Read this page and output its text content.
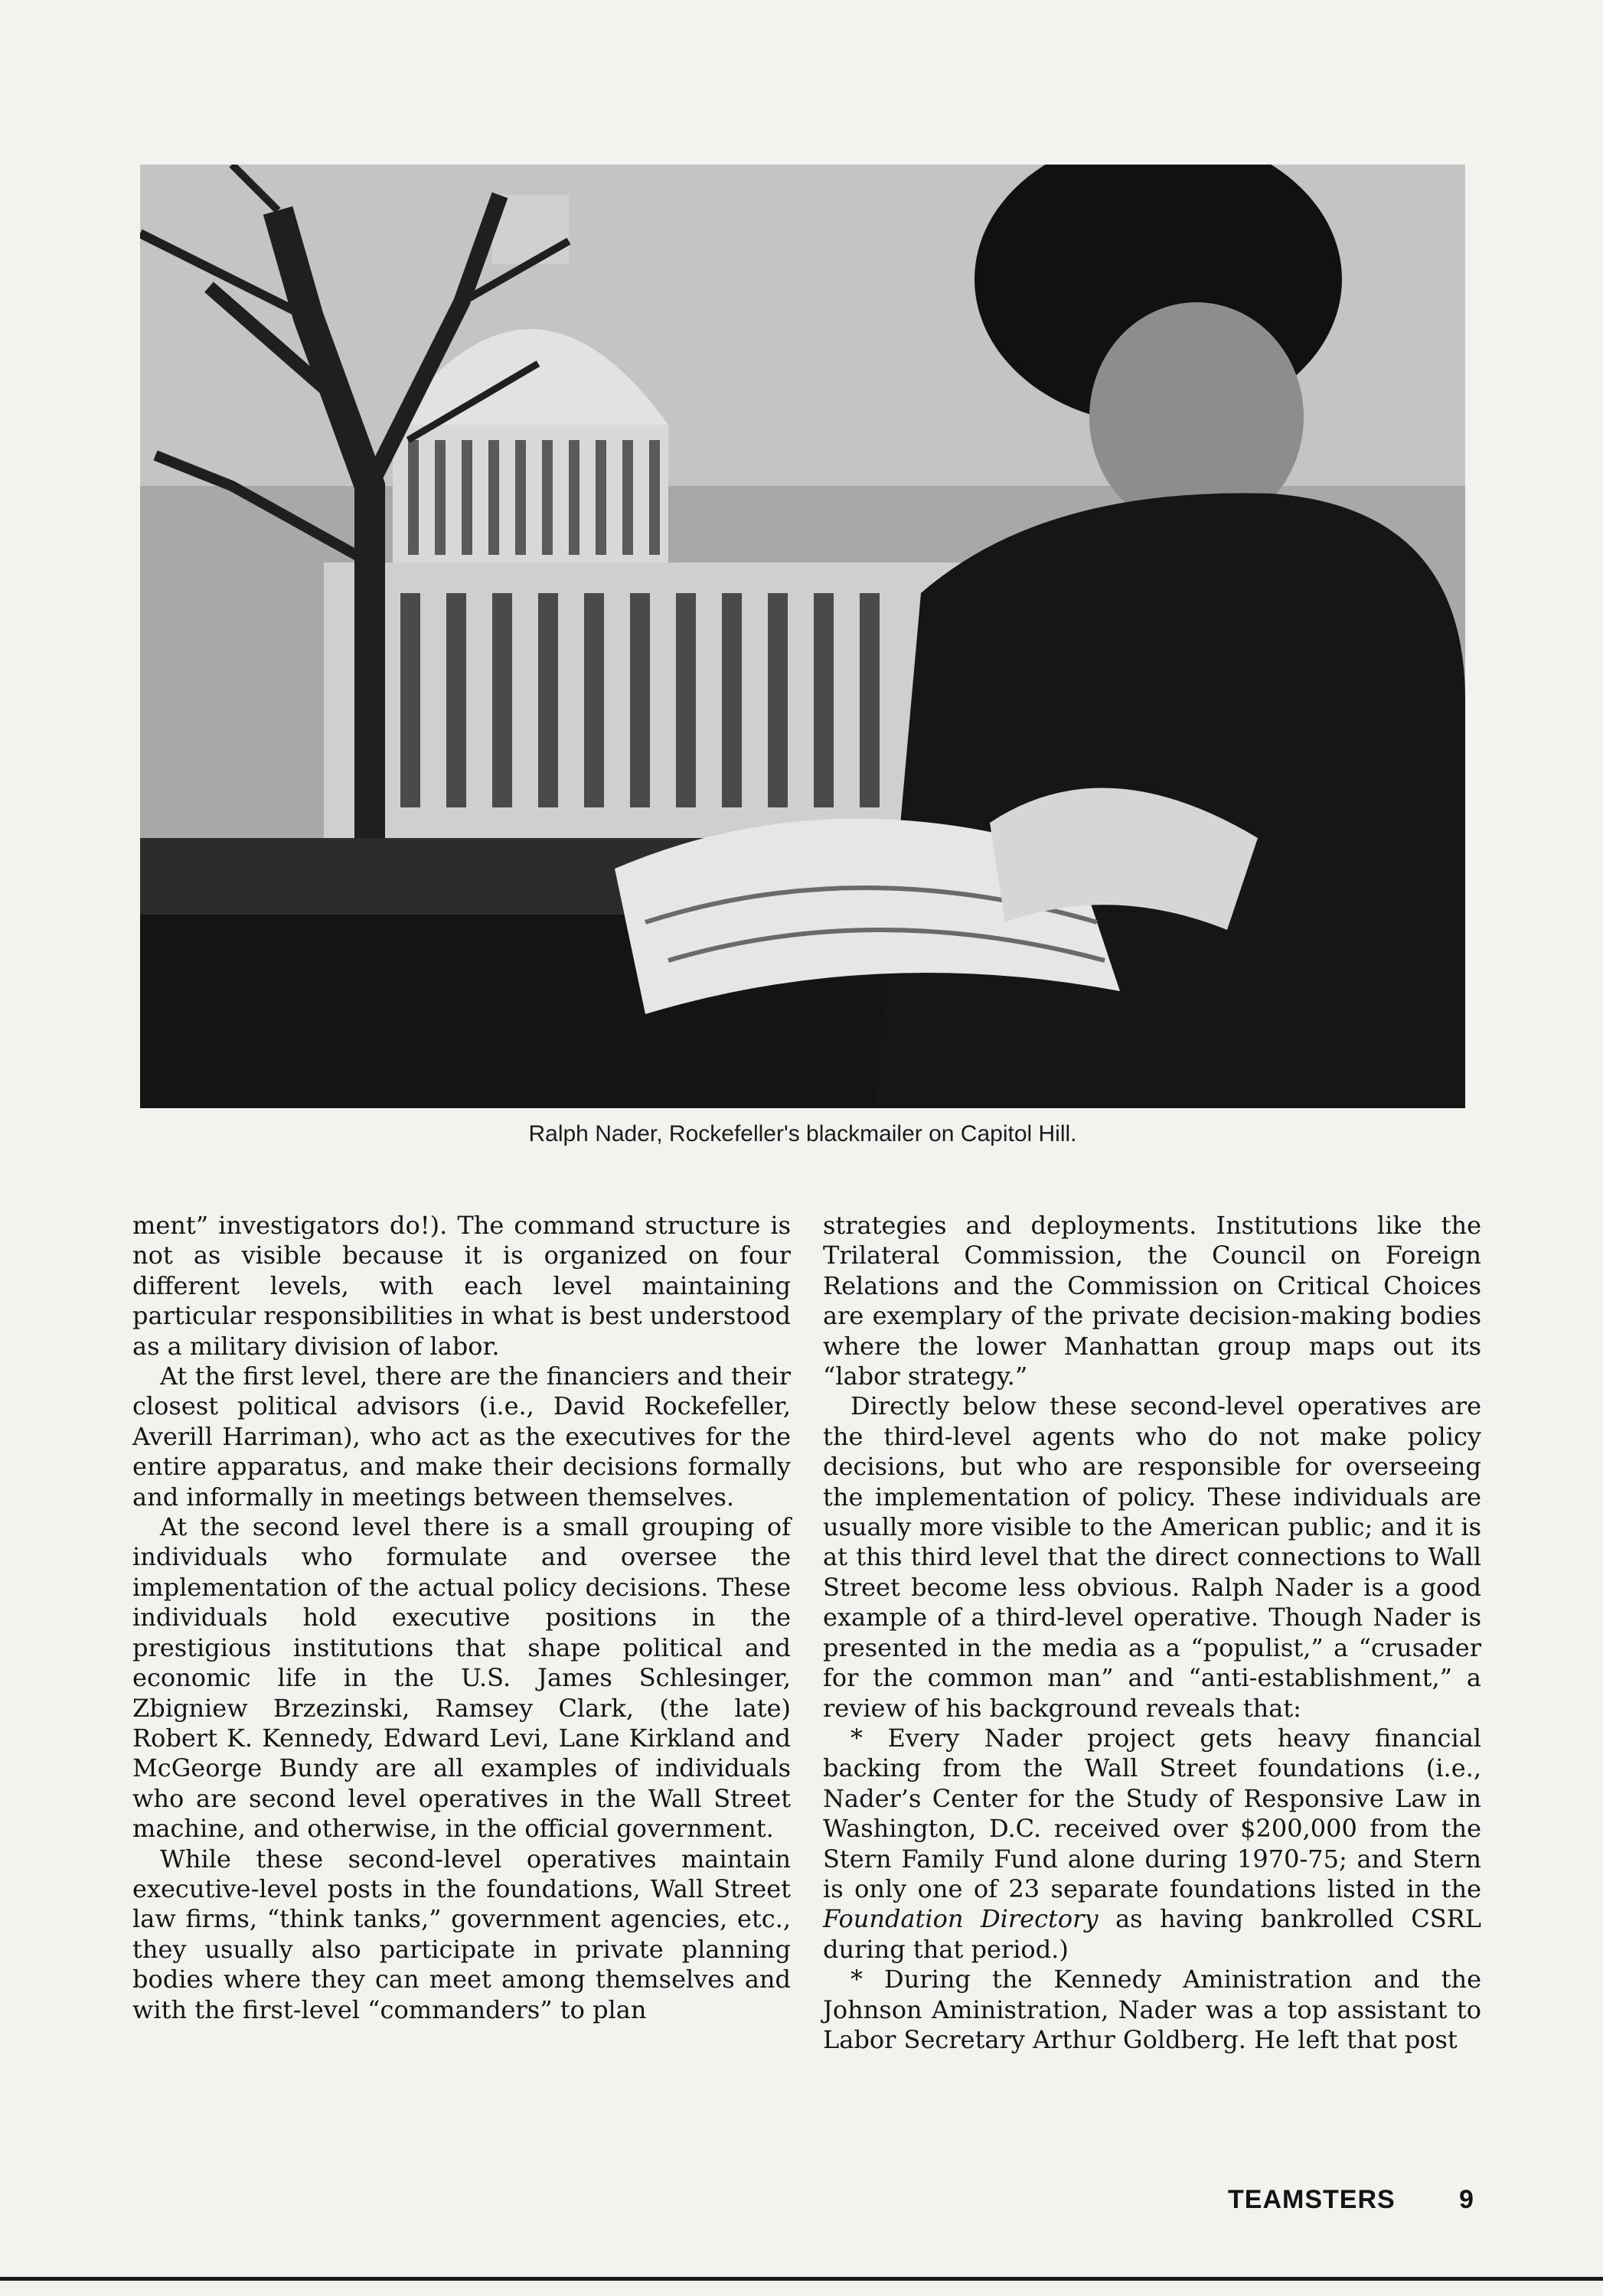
Ralph Nader, Rockefeller's blackmailer on Capitol Hill.

ment” investigators do!). The command structure is not as visible because it is organized on four different levels, with each level maintaining particular responsibilities in what is best understood as a military division of labor.

At the first level, there are the financiers and their closest political advisors (i.e., David Rockefeller, Averill Harriman), who act as the executives for the entire apparatus, and make their decisions formally and informally in meetings between themselves.

At the second level there is a small grouping of individuals who formulate and oversee the implementation of the actual policy decisions. These individuals hold executive positions in the prestigious institutions that shape political and economic life in the U.S. James Schlesinger, Zbigniew Brzezinski, Ramsey Clark, (the late) Robert K. Kennedy, Edward Levi, Lane Kirkland and McGeorge Bundy are all examples of individuals who are second level operatives in the Wall Street machine, and otherwise, in the official government.

While these second-level operatives maintain executive-level posts in the foundations, Wall Street law firms, “think tanks,” government agencies, etc., they usually also participate in private planning bodies where they can meet among themselves and with the first-level “commanders” to plan

strategies and deployments. Institutions like the Trilateral Commission, the Council on Foreign Relations and the Commission on Critical Choices are exemplary of the private decision-making bodies where the lower Manhattan group maps out its “labor strategy.”

Directly below these second-level operatives are the third-level agents who do not make policy decisions, but who are responsible for overseeing the implementation of policy. These individuals are usually more visible to the American public; and it is at this third level that the direct connections to Wall Street become less obvious. Ralph Nader is a good example of a third-level operative. Though Nader is presented in the media as a “populist,” a “crusader for the common man” and “anti-establishment,” a review of his background reveals that:

* Every Nader project gets heavy financial backing from the Wall Street foundations (i.e., Nader’s Center for the Study of Responsive Law in Washington, D.C. received over $200,000 from the Stern Family Fund alone during 1970-75; and Stern is only one of 23 separate foundations listed in the Foundation Directory as having bankrolled CSRL during that period.)

* During the Kennedy Aministration and the Johnson Aministration, Nader was a top assistant to Labor Secretary Arthur Goldberg. He left that post

TEAMSTERS 9
